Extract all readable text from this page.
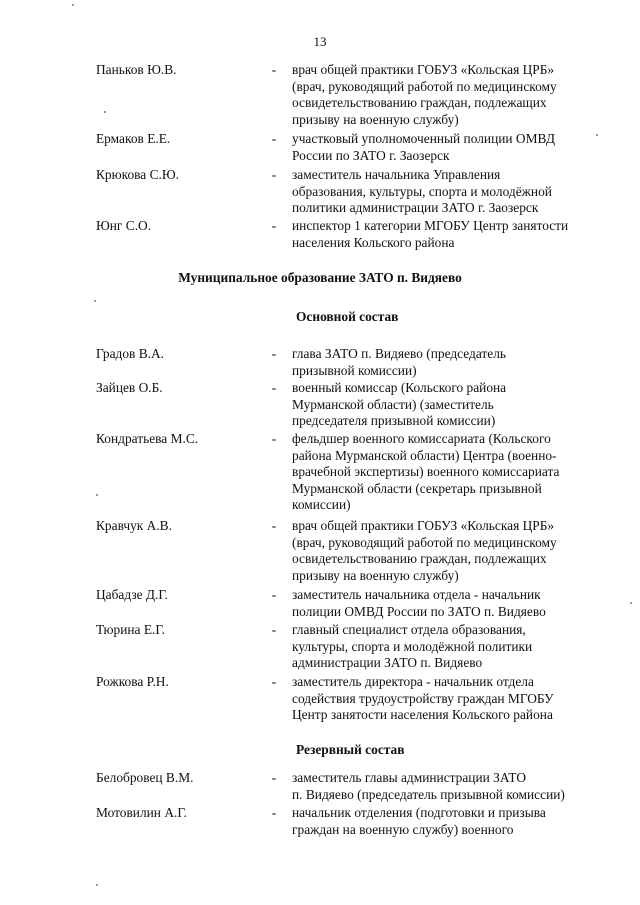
13
Паньков Ю.В.	- врач общей практики ГОБУЗ «Кольская ЦРБ»
(врач, руководящий работой по медицинскому
освидетельствованию граждан, подлежащих
призыву на военную службу)
Ермаков Е.Е.	- участковый уполномоченный полиции ОМВД
России по ЗАТО г. Заозерск
Крюкова С.Ю.	- заместитель начальника Управления
образования, культуры, спорта и молодёжной
политики администрации ЗАТО г. Заозерск
Юнг С.О.	- инспектор 1 категории МГОБУ Центр занятости
населения Кольского района
Муниципальное образование ЗАТО п. Видяево
Основной состав
Градов В.А.	- глава ЗАТО п. Видяево (председатель
призывной комиссии)
Зайцев О.Б.	- военный комиссар (Кольского района
Мурманской области) (заместитель
председателя призывной комиссии)
Кондратьева М.С.	- фельдшер военного комиссариата (Кольского
района Мурманской области) Центра (военно-
врачебной экспертизы) военного комиссариата
Мурманской области (секретарь призывной
комиссии)
Кравчук А.В.	- врач общей практики ГОБУЗ «Кольская ЦРБ»
(врач, руководящий работой по медицинскому
освидетельствованию граждан, подлежащих
призыву на военную службу)
Цабадзе Д.Г.	- заместитель начальника отдела - начальник
полиции ОМВД России по ЗАТО п. Видяево
Тюрина Е.Г.	- главный специалист отдела образования,
культуры, спорта и молодёжной политики
администрации ЗАТО п. Видяево
Рожкова Р.Н.	- заместитель директора - начальник отдела
содействия трудоустройству граждан МГОБУ
Центр занятости населения Кольского района
Резервный состав
Белобровец В.М.	- заместитель главы администрации ЗАТО
п. Видяево (председатель призывной комиссии)
Мотовилин А.Г.	- начальник отделения (подготовки и призыва
граждан на военную службу) военного
